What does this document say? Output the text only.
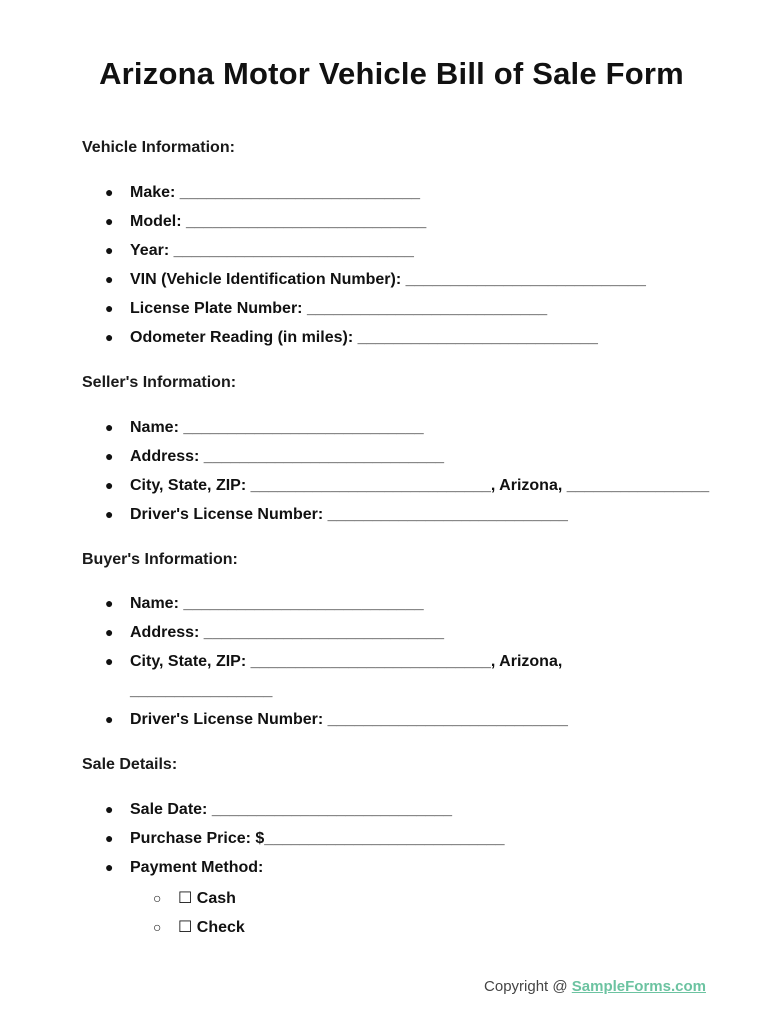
Arizona Motor Vehicle Bill of Sale Form
Vehicle Information:
● Make: ___________________________
● Model: ___________________________
● Year: ___________________________
● VIN (Vehicle Identification Number): ___________________________
● License Plate Number: ___________________________
● Odometer Reading (in miles): ___________________________
Seller's Information:
● Name: ___________________________
● Address: ___________________________
● City, State, ZIP: ___________________________, Arizona, ________________
● Driver's License Number: ___________________________
Buyer's Information:
● Name: ___________________________
● Address: ___________________________
● City, State, ZIP: ___________________________, Arizona,
________________
● Driver's License Number: ___________________________
Sale Details:
● Sale Date: ___________________________
● Purchase Price: $___________________________
● Payment Method:
○ ☐ Cash
○ ☐ Check
Copyright @ SampleForms.com
